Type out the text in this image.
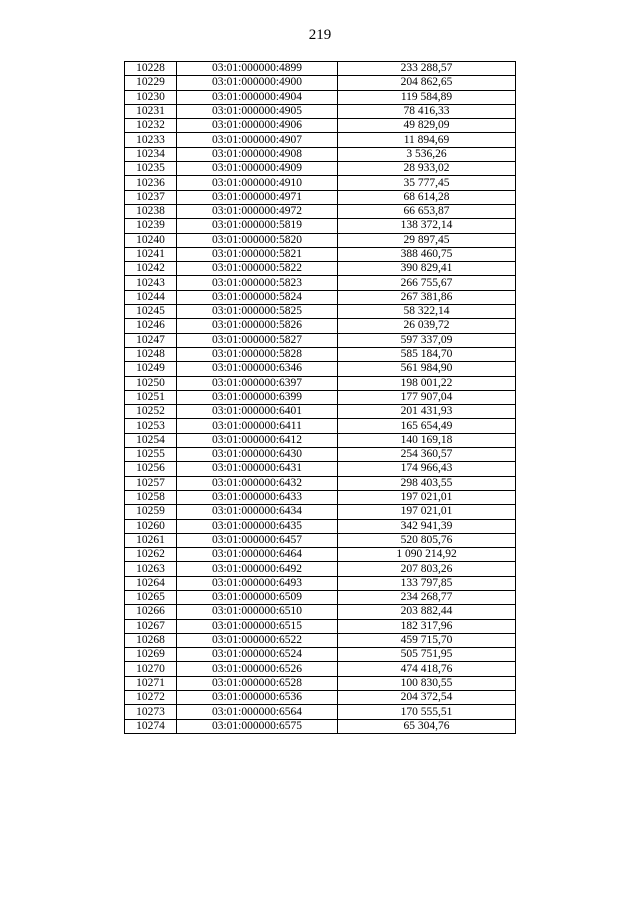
219
10228	03:01:000000:4899	233 288,57
10229	03:01:000000:4900	204 862,65
10230	03:01:000000:4904	119 584,89
10231	03:01:000000:4905	78 416,33
10232	03:01:000000:4906	49 829,09
10233	03:01:000000:4907	11 894,69
10234	03:01:000000:4908	3 536,26
10235	03:01:000000:4909	28 933,02
10236	03:01:000000:4910	35 777,45
10237	03:01:000000:4971	68 614,28
10238	03:01:000000:4972	66 653,87
10239	03:01:000000:5819	138 372,14
10240	03:01:000000:5820	29 897,45
10241	03:01:000000:5821	388 460,75
10242	03:01:000000:5822	390 829,41
10243	03:01:000000:5823	266 755,67
10244	03:01:000000:5824	267 381,86
10245	03:01:000000:5825	58 322,14
10246	03:01:000000:5826	26 039,72
10247	03:01:000000:5827	597 337,09
10248	03:01:000000:5828	585 184,70
10249	03:01:000000:6346	561 984,90
10250	03:01:000000:6397	198 001,22
10251	03:01:000000:6399	177 907,04
10252	03:01:000000:6401	201 431,93
10253	03:01:000000:6411	165 654,49
10254	03:01:000000:6412	140 169,18
10255	03:01:000000:6430	254 360,57
10256	03:01:000000:6431	174 966,43
10257	03:01:000000:6432	298 403,55
10258	03:01:000000:6433	197 021,01
10259	03:01:000000:6434	197 021,01
10260	03:01:000000:6435	342 941,39
10261	03:01:000000:6457	520 805,76
10262	03:01:000000:6464	1 090 214,92
10263	03:01:000000:6492	207 803,26
10264	03:01:000000:6493	133 797,85
10265	03:01:000000:6509	234 268,77
10266	03:01:000000:6510	203 882,44
10267	03:01:000000:6515	182 317,96
10268	03:01:000000:6522	459 715,70
10269	03:01:000000:6524	505 751,95
10270	03:01:000000:6526	474 418,76
10271	03:01:000000:6528	100 830,55
10272	03:01:000000:6536	204 372,54
10273	03:01:000000:6564	170 555,51
10274	03:01:000000:6575	65 304,76
